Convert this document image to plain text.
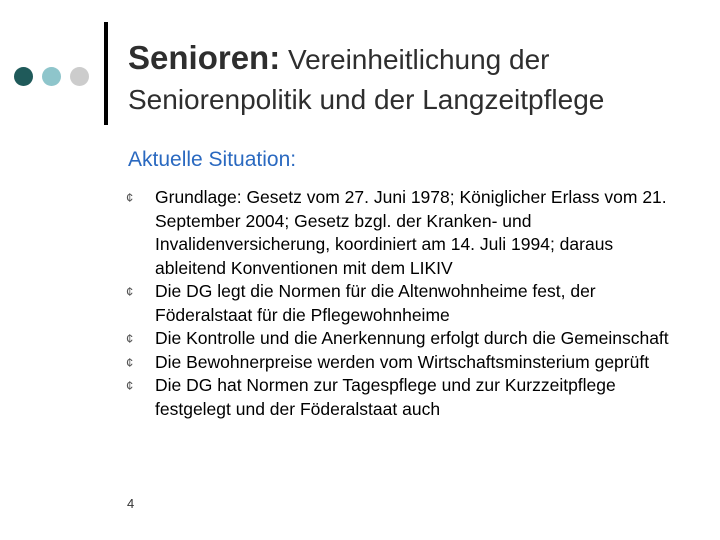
Senioren: Vereinheitlichung der Seniorenpolitik und der Langzeitpflege
Aktuelle Situation:
¢	Grundlage: Gesetz vom 27. Juni 1978; Königlicher Erlass vom 21. September 2004; Gesetz bzgl. der Kranken- und Invalidenversicherung, koordiniert am 14. Juli 1994; daraus ableitend Konventionen mit dem LIKIV
¢	Die DG legt die Normen für die Altenwohnheime fest, der Föderalstaat für die Pflegewohnheime
¢	Die Kontrolle und die Anerkennung erfolgt durch die Gemeinschaft
¢	Die Bewohnerpreise werden vom Wirtschaftsminsterium geprüft
¢	Die DG hat Normen zur Tagespflege und zur Kurzzeitpflege festgelegt und der Föderalstaat auch
4
